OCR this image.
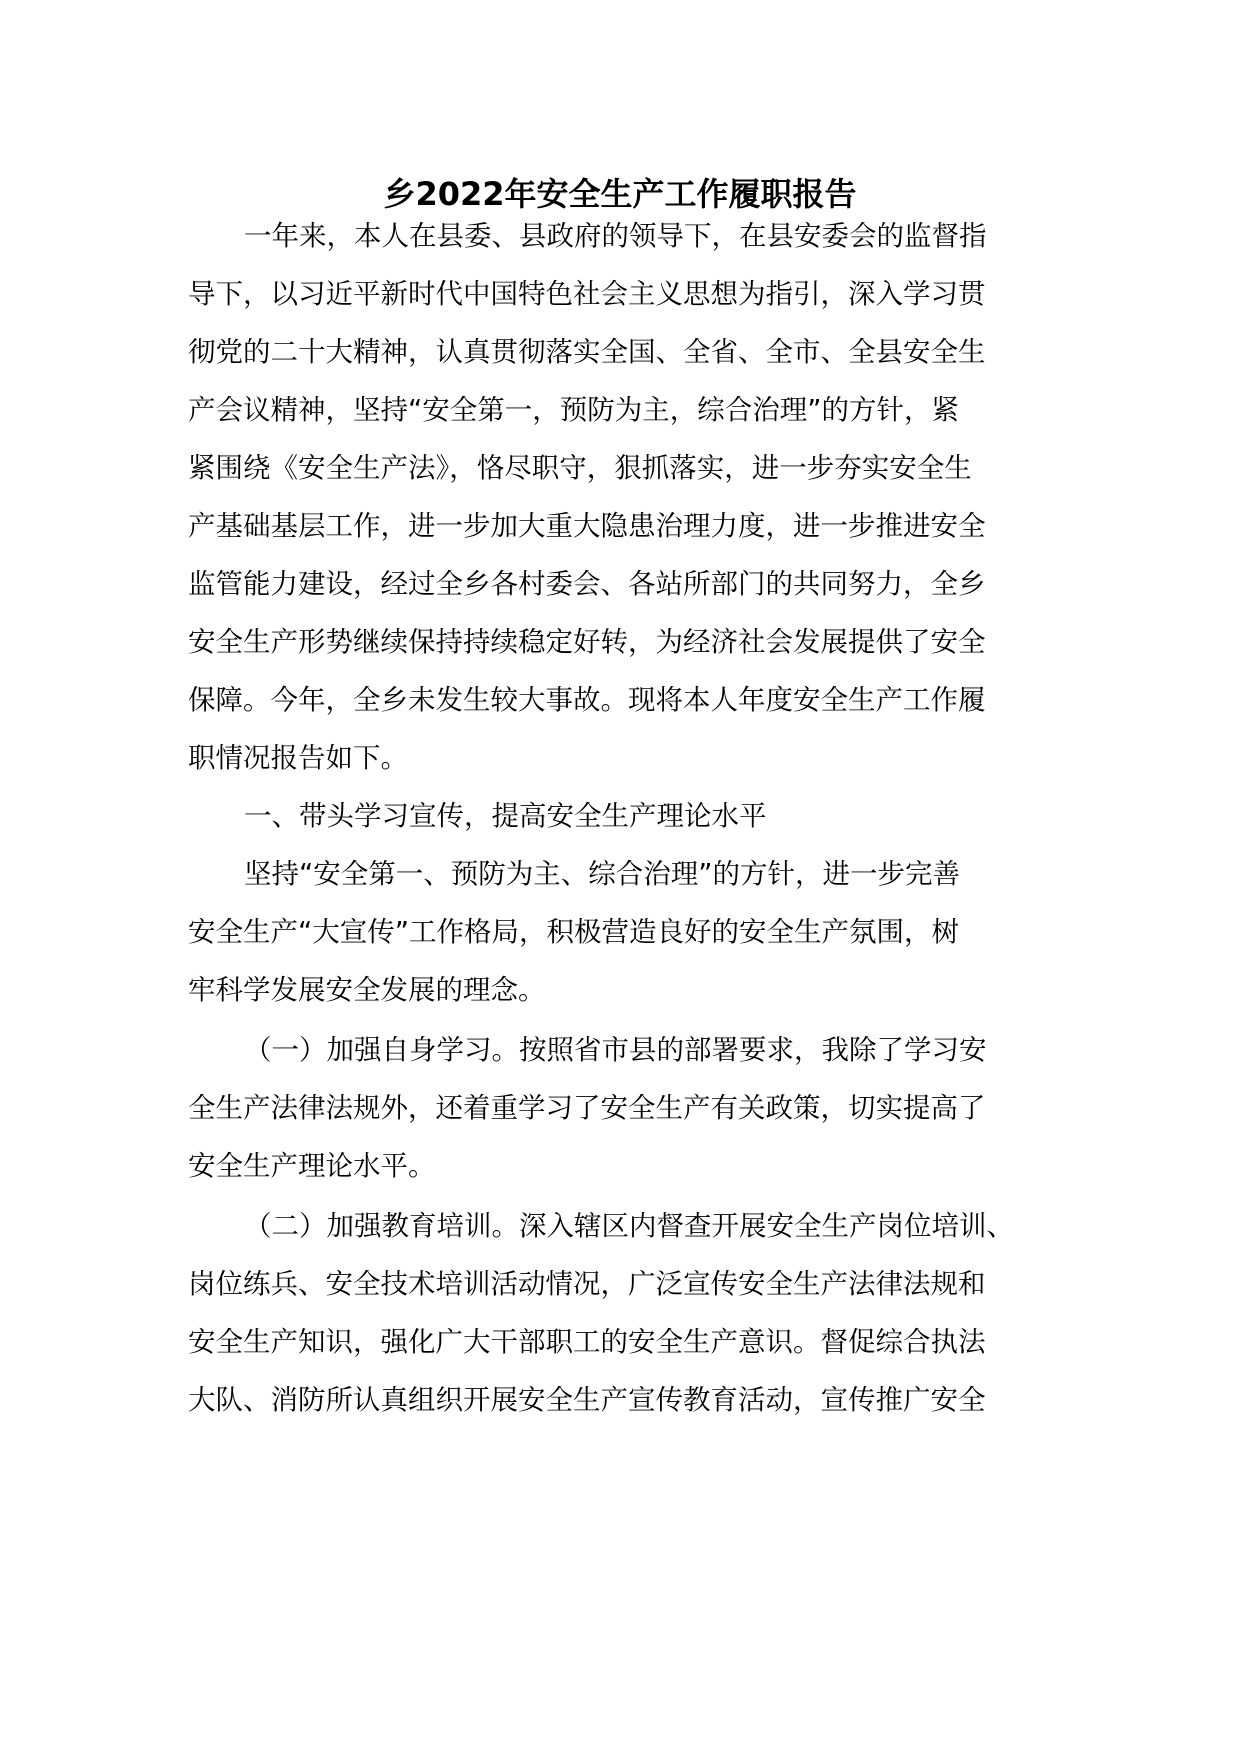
乡2022年安全生产工作履职报告
一年来，本人在县委、县政府的领导下，在县安委会的监督指
导下，以习近平新时代中国特色社会主义思想为指引，深入学习贯
彻党的二十大精神，认真贯彻落实全国、全省、全市、全县安全生
产会议精神，坚持“安全第一，预防为主，综合治理”的方针，紧
紧围绕《安全生产法》，恪尽职守，狠抓落实，进一步夯实安全生
产基础基层工作，进一步加大重大隐患治理力度，进一步推进安全
监管能力建设，经过全乡各村委会、各站所部门的共同努力，全乡
安全生产形势继续保持持续稳定好转，为经济社会发展提供了安全
保障。今年，全乡未发生较大事故。现将本人年度安全生产工作履
职情况报告如下。
一、带头学习宣传，提高安全生产理论水平
坚持“安全第一、预防为主、综合治理”的方针，进一步完善
安全生产“大宣传”工作格局，积极营造良好的安全生产氛围，树
牢科学发展安全发展的理念。
（一）加强自身学习。按照省市县的部署要求，我除了学习安
全生产法律法规外，还着重学习了安全生产有关政策，切实提高了
安全生产理论水平。
（二）加强教育培训。深入辖区内督查开展安全生产岗位培训、
岗位练兵、安全技术培训活动情况，广泛宣传安全生产法律法规和
安全生产知识，强化广大干部职工的安全生产意识。督促综合执法
大队、消防所认真组织开展安全生产宣传教育活动，宣传推广安全
